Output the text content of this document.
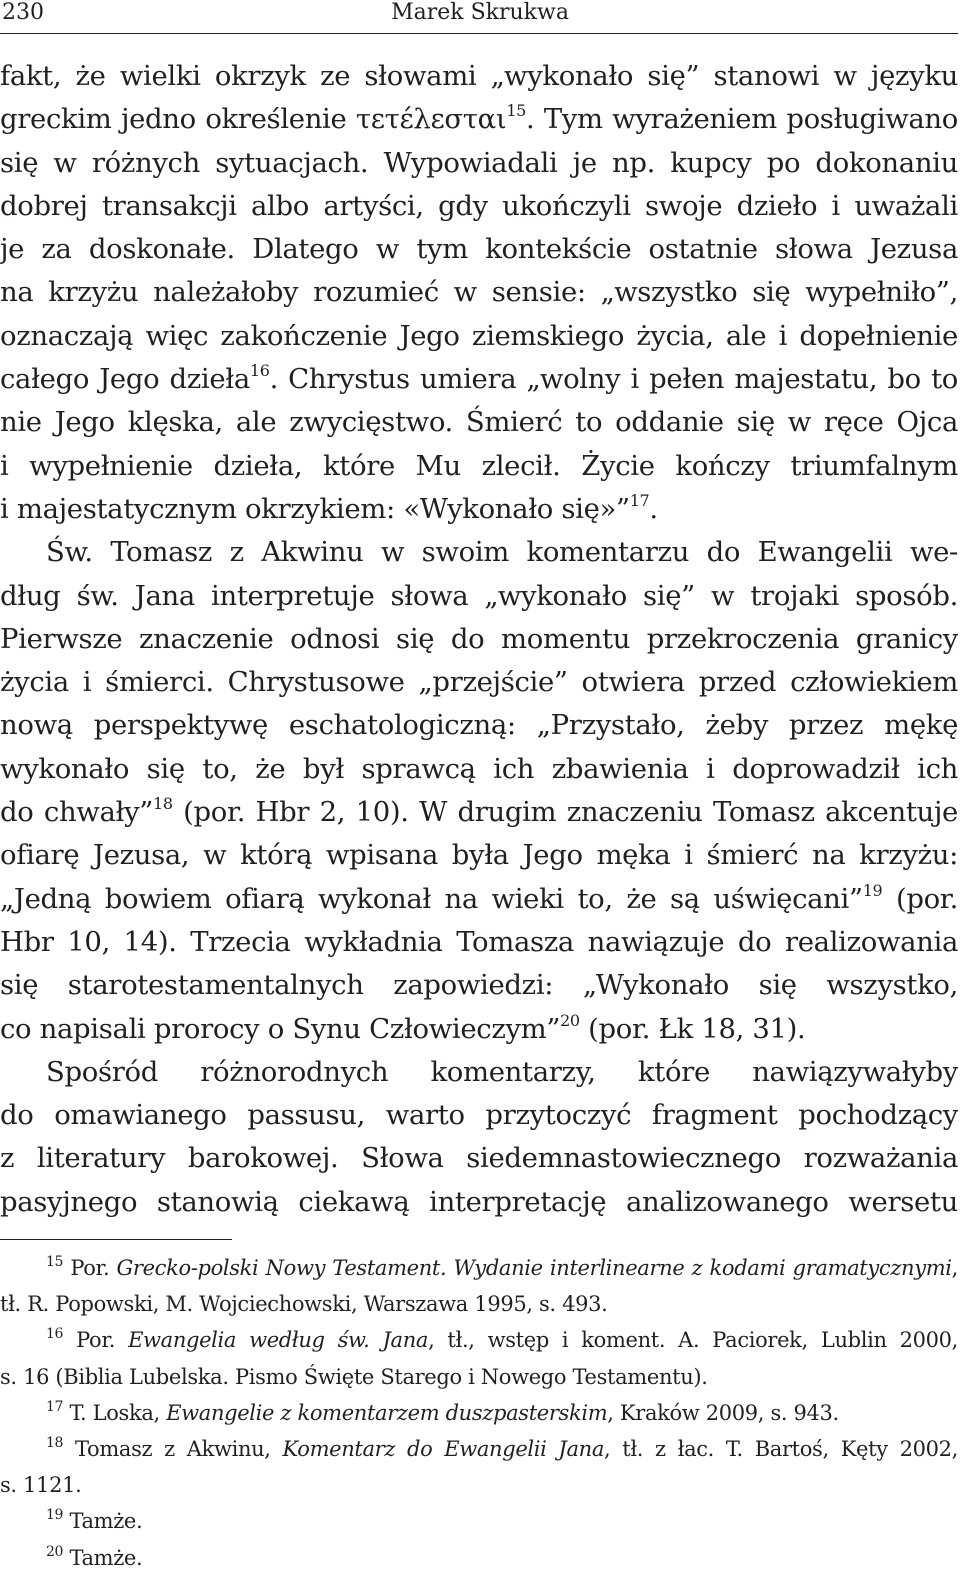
230	Marek Skrukwa
fakt, że wielki okrzyk ze słowami „wykonało się” stanowi w języku
greckim jedno określenie τετέλεσται$^{15}$. Tym wyrażeniem posługiwano
się w różnych sytuacjach. Wypowiadali je np. kupcy po dokonaniu
dobrej transakcji albo artyści, gdy ukończyli swoje dzieło i uważali
je za doskonałe. Dlatego w tym kontekście ostatnie słowa Jezusa
na krzyżu należałoby rozumieć w sensie: „wszystko się wypełniło”,
oznaczają więc zakończenie Jego ziemskiego życia, ale i dopełnienie
całego Jego dzieła$^{16}$. Chrystus umiera „wolny i pełen majestatu, bo to
nie Jego klęska, ale zwycięstwo. Śmierć to oddanie się w ręce Ojca
i wypełnienie dzieła, które Mu zlecił. Życie kończy triumfalnym
i majestatycznym okrzykiem: «Wykonało się»”$^{17}$.
Św. Tomasz z Akwinu w swoim komentarzu do Ewangelii we-
dług św. Jana interpretuje słowa „wykonało się” w trojaki sposób.
Pierwsze znaczenie odnosi się do momentu przekroczenia granicy
życia i śmierci. Chrystusowe „przejście” otwiera przed człowiekiem
nową perspektywę eschatologiczną: „Przystało, żeby przez mękę
wykonało się to, że był sprawcą ich zbawienia i doprowadził ich
do chwały”$^{18}$ (por. Hbr 2, 10). W drugim znaczeniu Tomasz akcentuje
ofiarę Jezusa, w którą wpisana była Jego męka i śmierć na krzyżu:
„Jedną bowiem ofiarą wykonał na wieki to, że są uświęcani”$^{19}$ (por.
Hbr 10, 14). Trzecia wykładnia Tomasza nawiązuje do realizowania
się starotestamentalnych zapowiedzi: „Wykonało się wszystko,
co napisali prorocy o Synu Człowieczym”$^{20}$ (por. Łk 18, 31).
Spośród różnorodnych komentarzy, które nawiązywałyby
do omawianego passusu, warto przytoczyć fragment pochodzący
z literatury barokowej. Słowa siedemnastowiecznego rozważania
pasyjnego stanowią ciekawą interpretację analizowanego wersetu
$^{15}$ Por. Grecko-polski Nowy Testament. Wydanie interlinearne z kodami gramatycznymi,
tł. R. Popowski, M. Wojciechowski, Warszawa 1995, s. 493.
$^{16}$ Por. Ewangelia według św. Jana, tł., wstęp i koment. A. Paciorek, Lublin 2000,
s. 16 (Biblia Lubelska. Pismo Święte Starego i Nowego Testamentu).
$^{17}$ T. Loska, Ewangelie z komentarzem duszpasterskim, Kraków 2009, s. 943.
$^{18}$ Tomasz z Akwinu, Komentarz do Ewangelii Jana, tł. z łac. T. Bartoś, Kęty 2002,
s. 1121.
$^{19}$ Tamże.
$^{20}$ Tamże.
